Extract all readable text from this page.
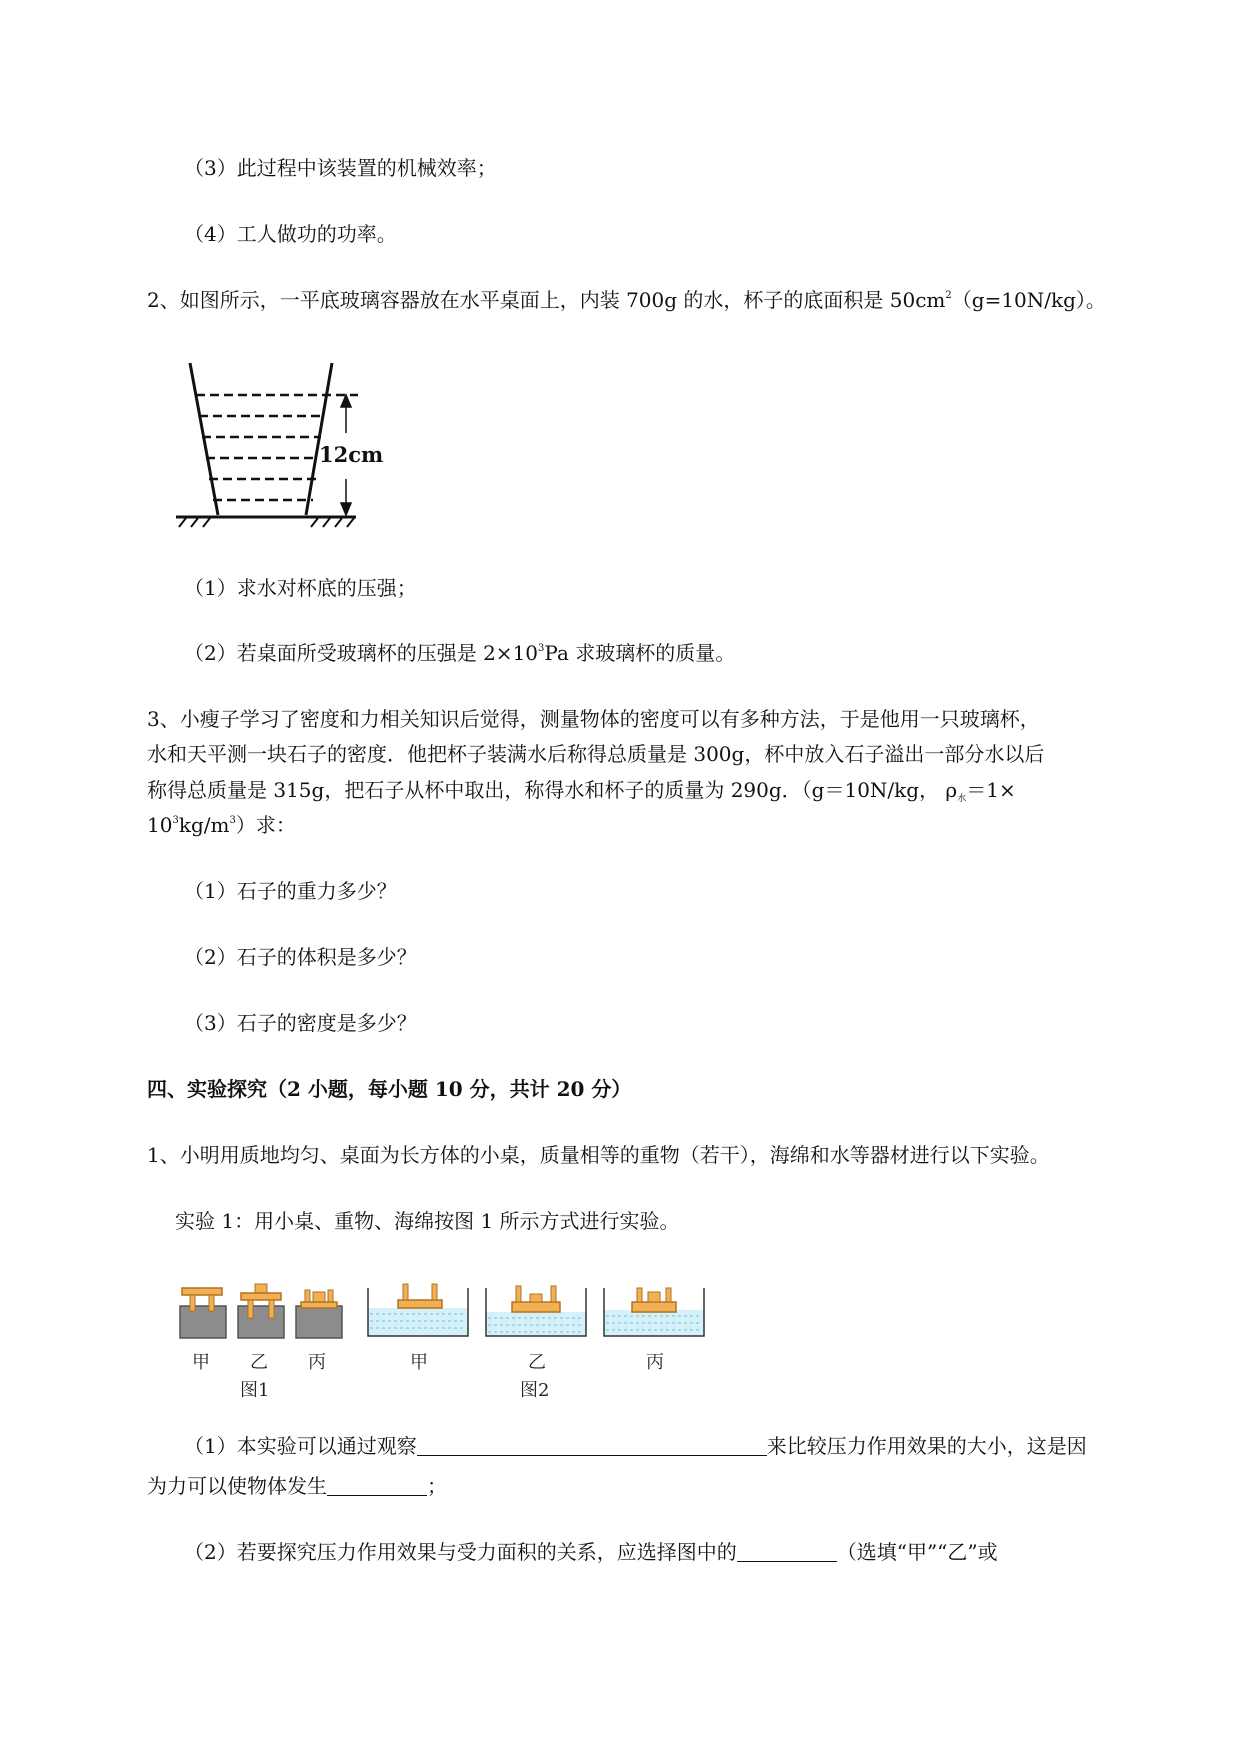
（3）此过程中该装置的机械效率；
（4）工人做功的功率。
2、如图所示，一平底玻璃容器放在水平桌面上，内装 700g 的水，杯子的底面积是 $50cm^2(g=10N/kg)$。
12cm
（1）求水对杯底的压强；
（2）若桌面所受玻璃杯的压强是 $2\times 10^3Pa$ 求玻璃杯的质量。
3、小瘦子学习了密度和力相关知识后觉得，测量物体的密度可以有多种方法，于是他用一只玻璃杯，
水和天平测一块石子的密度．他把杯子装满水后称得总质量是 300g，杯中放入石子溢出一部分水以后
称得总质量是 315g，把石子从杯中取出，称得水和杯子的质量为 290g．（g＝10N/kg， $\rho_水=1\times$
$10^3kg/m^3$）求：
（1）石子的重力多少？
（2）石子的体积是多少？
（3）石子的密度是多少？
四、实验探究（2 小题，每小题 10 分，共计 20 分）
1、小明用质地均匀、桌面为长方体的小桌，质量相等的重物（若干），海绵和水等器材进行以下实验。
实验 1：用小桌、重物、海绵按图 1 所示方式进行实验。
甲 乙 丙
图1
甲	乙	丙
图2
（1）本实验可以通过观察	来比较压力作用效果的大小，这是因
为力可以使物体发生	；
（2）若要探究压力作用效果与受力面积的关系，应选择图中的	（选填“甲”“乙”或
